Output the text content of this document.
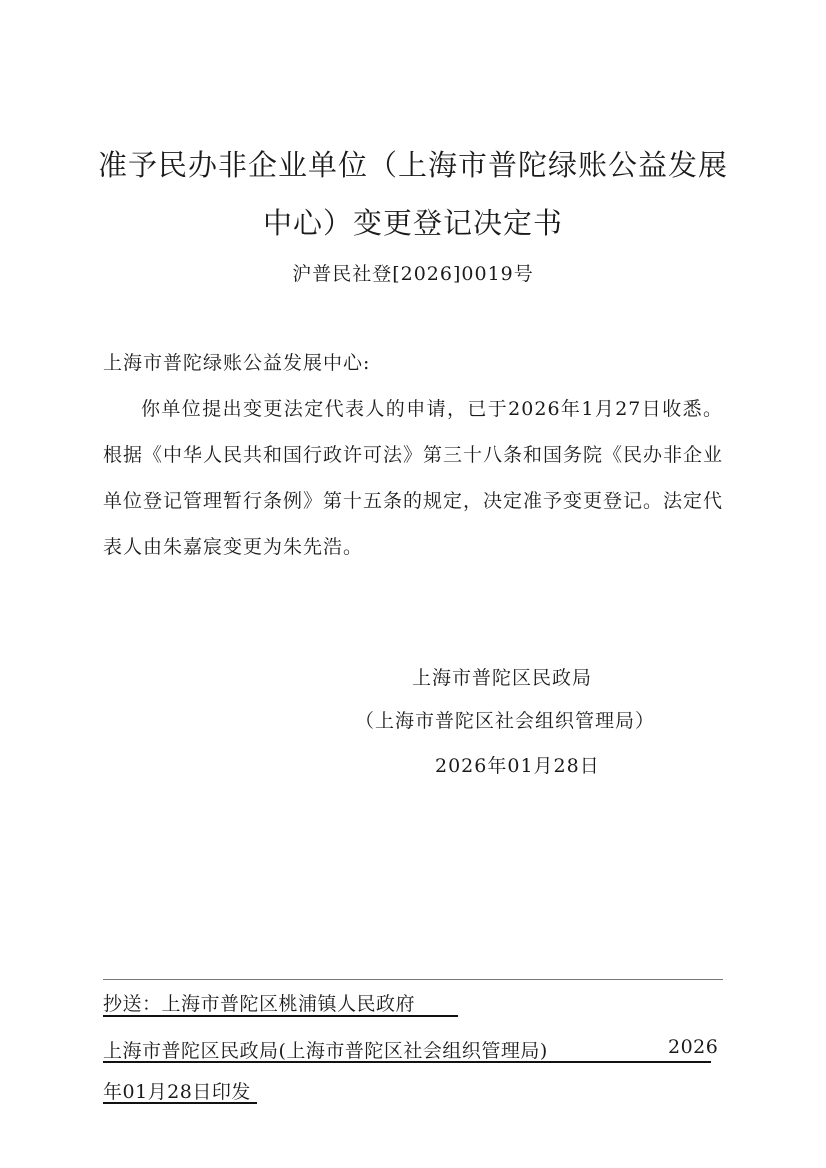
准予民办非企业单位（上海市普陀绿账公益发展
中心）变更登记决定书
沪普民社登[2026]0019号
上海市普陀绿账公益发展中心:
你单位提出变更法定代表人的申请，已于2026年1月27日收悉。根据《中华人民共和国行政许可法》第三十八条和国务院《民办非企业单位登记管理暂行条例》第十五条的规定，决定准予变更登记。法定代表人由朱嘉宸变更为朱先浩。
上海市普陀区民政局
（上海市普陀区社会组织管理局）
2026年01月28日
抄送：上海市普陀区桃浦镇人民政府
上海市普陀区民政局(上海市普陀区社会组织管理局)	2026
年01月28日印发
